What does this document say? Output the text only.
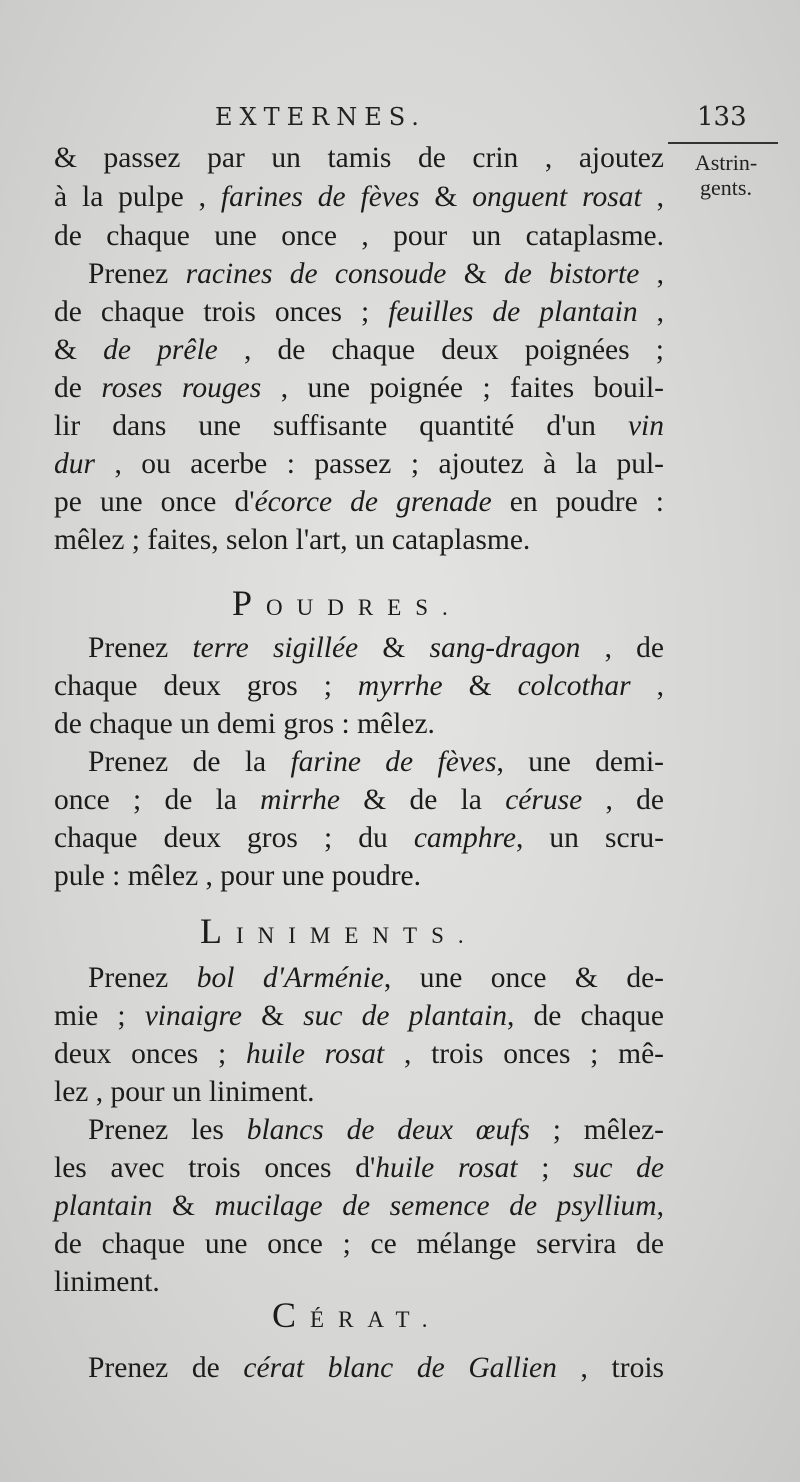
EXTERNES.	133
Astrin-
gents.
& passez par un tamis de crin , ajoutez
à la pulpe , farines de fèves & onguent rosat ,
de chaque une once , pour un cataplasme.
Prenez racines de consoude & de bistorte ,
de chaque trois onces ; feuilles de plantain ,
& de prêle , de chaque deux poignées ;
de roses rouges , une poignée ; faites bouil-
lir dans une suffisante quantité d'un vin
dur , ou acerbe : passez ; ajoutez à la pul-
pe une once d'écorce de grenade en poudre :
mêlez ; faites, selon l'art, un cataplasme.
POUDRES.
Prenez terre sigillée & sang-dragon , de
chaque deux gros ; myrrhe & colcothar ,
de chaque un demi gros : mêlez.
Prenez de la farine de fèves, une demi-
once ; de la mirrhe & de la céruse , de
chaque deux gros ; du camphre, un scru-
pule : mêlez , pour une poudre.
LINIMENTS.
Prenez bol d'Arménie, une once & de-
mie ; vinaigre & suc de plantain, de chaque
deux onces ; huile rosat , trois onces ; mê-
lez , pour un liniment.
Prenez les blancs de deux œufs ; mêlez-
les avec trois onces d'huile rosat ; suc de
plantain & mucilage de semence de psyllium,
de chaque une once ; ce mélange servira de
liniment.
CÉRAT.
Prenez de cérat blanc de Gallien , trois
